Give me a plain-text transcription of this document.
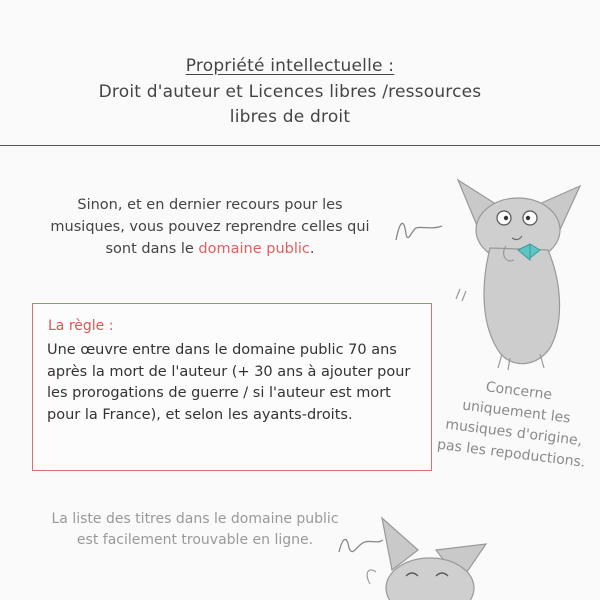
Propriété intellectuelle :
Droit d'auteur et Licences libres /ressources
libres de droit
Sinon, et en dernier recours pour les musiques, vous pouvez reprendre celles qui sont dans le domaine public.
La règle :
Une œuvre entre dans le domaine public 70 ans après la mort de l'auteur (+ 30 ans à ajouter pour les prorogations de guerre / si l'auteur est mort pour la France), et selon les ayants-droits.
Concerne uniquement les musiques d'origine, pas les repoductions.
La liste des titres dans le domaine public est facilement trouvable en ligne.
